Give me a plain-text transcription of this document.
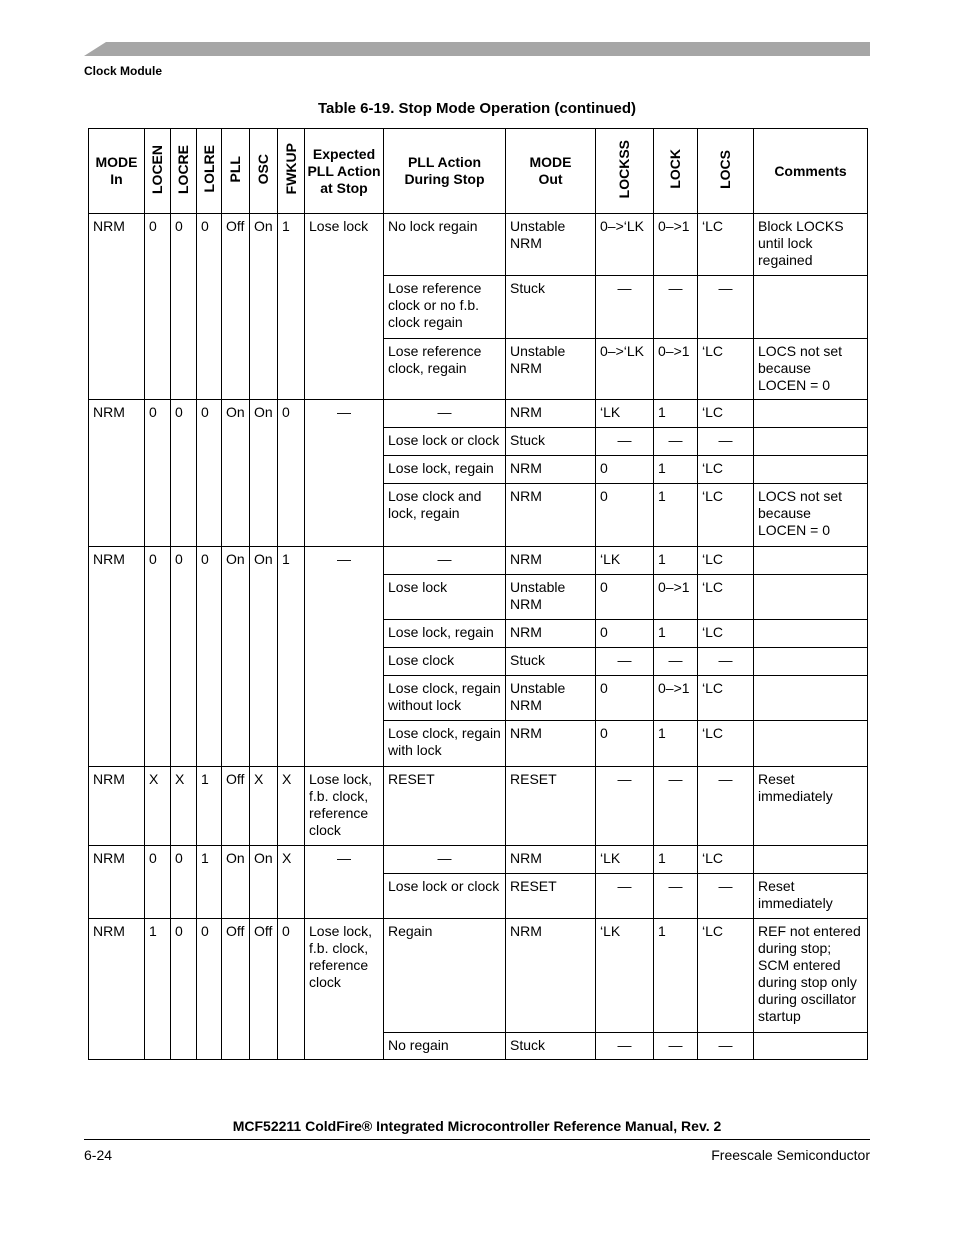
Clock Module
Table 6-19. Stop Mode Operation (continued)
MODE In	LOCEN	LOCRE	LOLRE	PLL	OSC	FWKUP	Expected PLL Action at Stop	PLL Action During Stop	MODE Out	LOCKSS	LOCK	LOCS	Comments
NRM	0	0	0	Off	On	1	Lose lock	No lock regain	Unstable NRM	0–>‘LK	0–>1	‘LC	Block LOCKS until lock regained
								Lose reference clock or no f.b. clock regain	Stuck	—	—	—	
								Lose reference clock, regain	Unstable NRM	0–>‘LK	0–>1	‘LC	LOCS not set because LOCEN = 0
NRM	0	0	0	On	On	0	—	—	NRM	‘LK	1	‘LC	
								Lose lock or clock	Stuck	—	—	—	
								Lose lock, regain	NRM	0	1	‘LC	
								Lose clock and lock, regain	NRM	0	1	‘LC	LOCS not set because LOCEN = 0
NRM	0	0	0	On	On	1	—	—	NRM	‘LK	1	‘LC	
								Lose lock	Unstable NRM	0	0–>1	‘LC	
								Lose lock, regain	NRM	0	1	‘LC	
								Lose clock	Stuck	—	—	—	
								Lose clock, regain without lock	Unstable NRM	0	0–>1	‘LC	
								Lose clock, regain with lock	NRM	0	1	‘LC	
NRM	X	X	1	Off	X	X	Lose lock, f.b. clock, reference clock	RESET	RESET	—	—	—	Reset immediately
NRM	0	0	1	On	On	X	—	—	NRM	‘LK	1	‘LC	
								Lose lock or clock	RESET	—	—	—	Reset immediately
NRM	1	0	0	Off	Off	0	Lose lock, f.b. clock, reference clock	Regain	NRM	‘LK	1	‘LC	REF not entered during stop; SCM entered during stop only during oscillator startup
								No regain	Stuck	—	—	—	
MCF52211 ColdFire® Integrated Microcontroller Reference Manual, Rev. 2
6-24	Freescale Semiconductor
